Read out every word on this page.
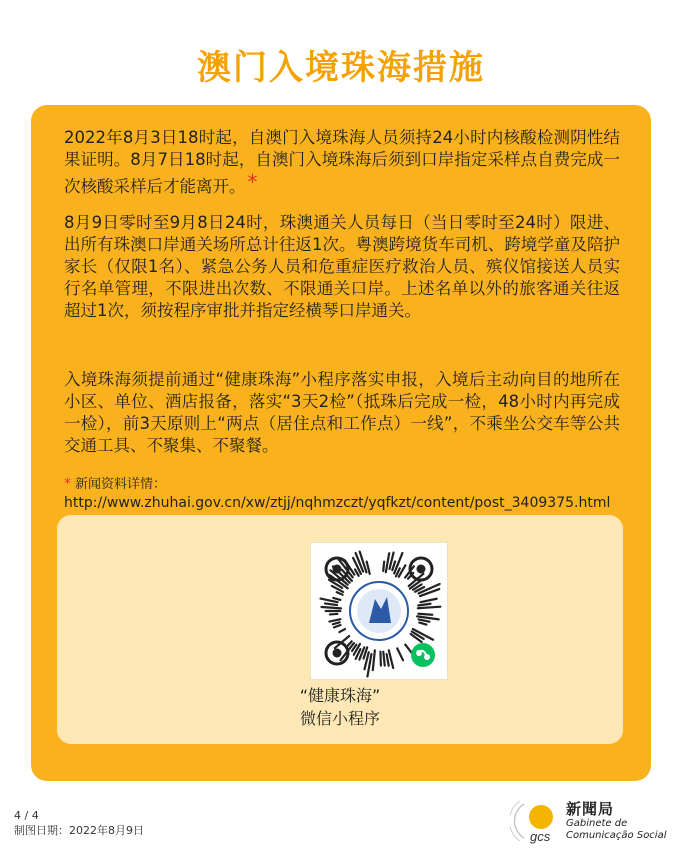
澳门入境珠海措施

2022年8月3日18时起，自澳门入境珠海人员须持24小时内核酸检测阴性结果证明。8月7日18时起，自澳门入境珠海后须到口岸指定采样点自费完成一次核酸采样后才能离开。 *

8月9日零时至9月8日24时，珠澳通关人员每日（当日零时至24时）限进、出所有珠澳口岸通关场所总计往返1次。粤澳跨境货车司机、跨境学童及陪护家长（仅限1名）、紧急公务人员和危重症医疗救治人员、殡仪馆接送人员实行名单管理，不限进出次数、不限通关口岸。上述名单以外的旅客通关往返超过1次，须按程序审批并指定经横琴口岸通关。

入境珠海须提前通过“健康珠海”小程序落实申报，入境后主动向目的地所在小区、单位、酒店报备，落实“3天2检”（抵珠后完成一检，48小时内再完成一检），前3天原则上“两点（居住点和工作点）一线”，不乘坐公交车等公共交通工具、不聚集、不聚餐。

* 新闻资料详情：
http://www.zhuhai.gov.cn/xw/ztjj/nqhmzczt/yqfkzt/content/post_3409375.html
“健康珠海”
微信小程序
4 / 4
制图日期：2022年8月9日	gcs
新聞局
Gabinete de
Comunicação Social
